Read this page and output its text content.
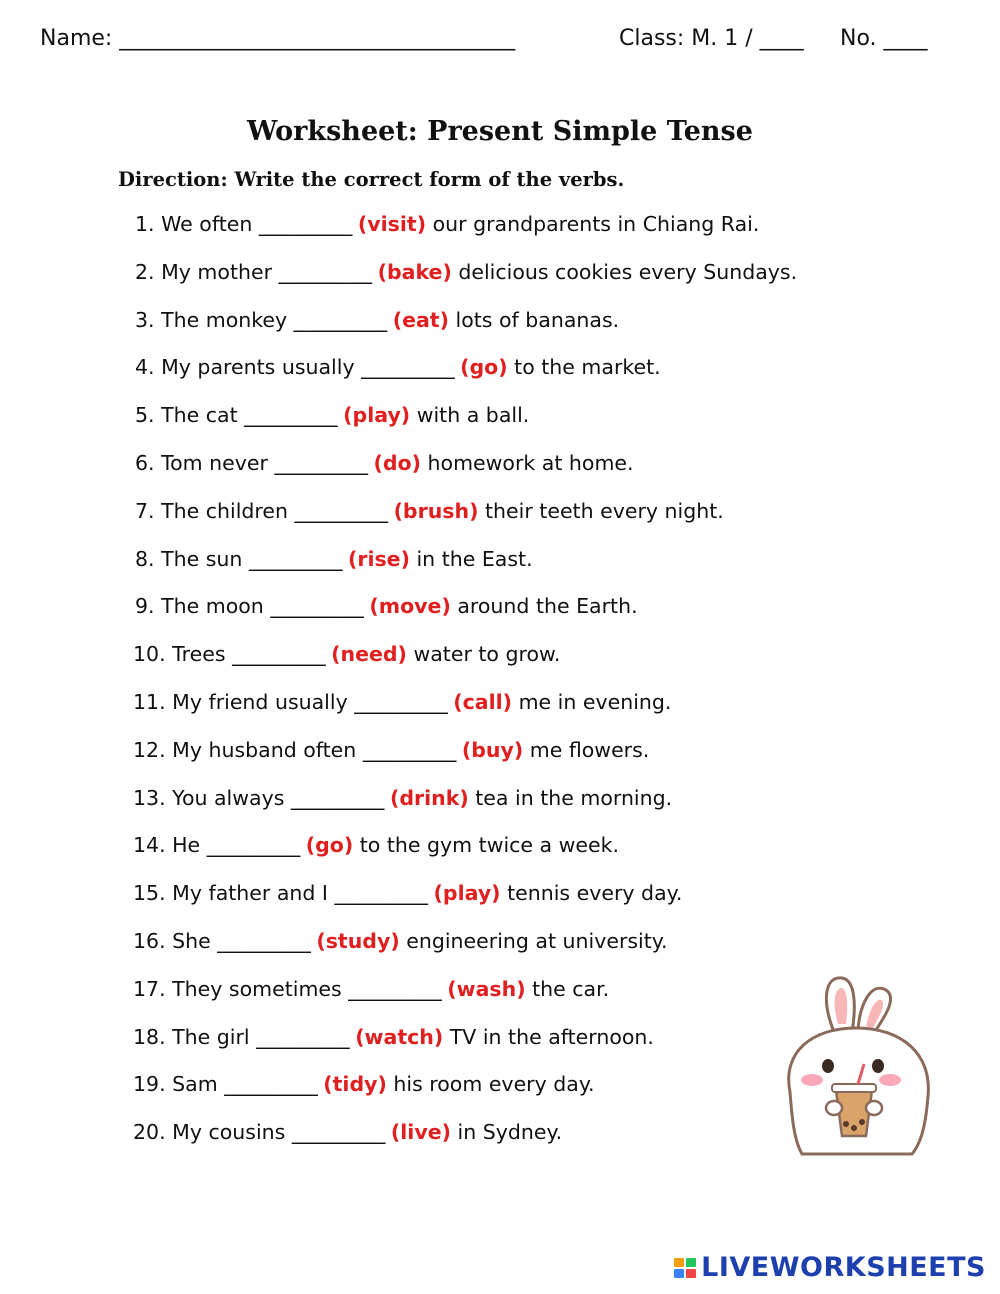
Name: ____________________________________	Class: M. 1 / ____ No. ____
Worksheet: Present Simple Tense
Direction: Write the correct form of the verbs.
1. We often __________ (visit) our grandparents in Chiang Rai.
2. My mother __________ (bake) delicious cookies every Sundays.
3. The monkey __________ (eat) lots of bananas.
4. My parents usually __________ (go) to the market.
5. The cat __________ (play) with a ball.
6. Tom never __________ (do) homework at home.
7. The children __________ (brush) their teeth every night.
8. The sun __________ (rise) in the East.
9. The moon __________ (move) around the Earth.
10. Trees __________ (need) water to grow.
11. My friend usually __________ (call) me in evening.
12. My husband often __________ (buy) me flowers.
13. You always __________ (drink) tea in the morning.
14. He __________ (go) to the gym twice a week.
15. My father and I __________ (play) tennis every day.
16. She __________ (study) engineering at university.
17. They sometimes __________ (wash) the car.
18. The girl __________ (watch) TV in the afternoon.
19. Sam __________ (tidy) his room every day.
20. My cousins __________ (live) in Sydney.
LIVEWORKSHEETS
